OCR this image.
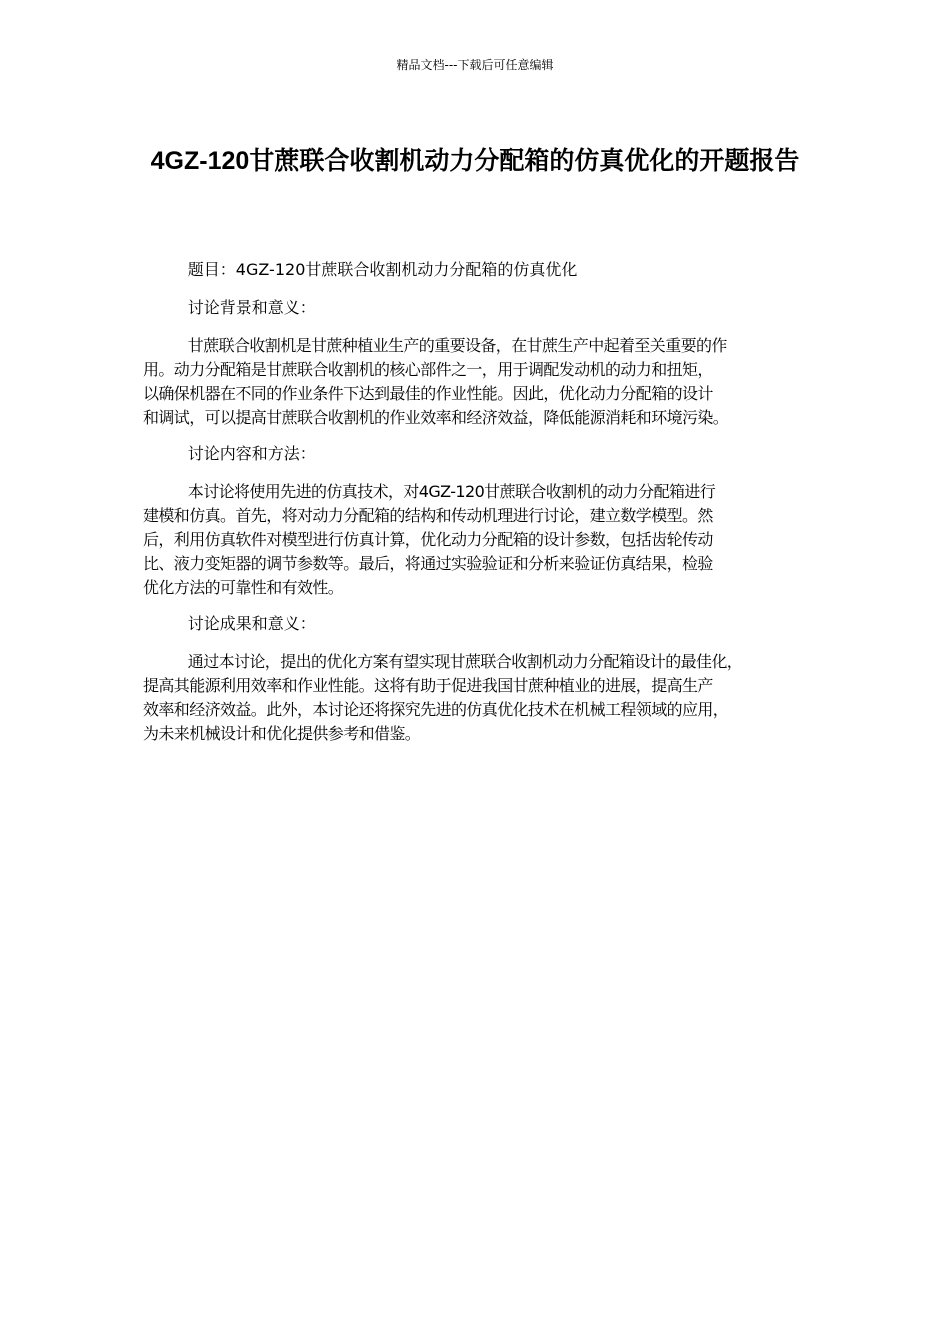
精品文档---下载后可任意编辑
4GZ-120甘蔗联合收割机动力分配箱的仿真优化的开题报告

题目：4GZ-120甘蔗联合收割机动力分配箱的仿真优化

讨论背景和意义：

甘蔗联合收割机是甘蔗种植业生产的重要设备，在甘蔗生产中起着至关重要的作
用。动力分配箱是甘蔗联合收割机的核心部件之一，用于调配发动机的动力和扭矩，
以确保机器在不同的作业条件下达到最佳的作业性能。因此，优化动力分配箱的设计
和调试，可以提高甘蔗联合收割机的作业效率和经济效益，降低能源消耗和环境污染。

讨论内容和方法：

本讨论将使用先进的仿真技术，对4GZ-120甘蔗联合收割机的动力分配箱进行
建模和仿真。首先，将对动力分配箱的结构和传动机理进行讨论，建立数学模型。然
后，利用仿真软件对模型进行仿真计算，优化动力分配箱的设计参数，包括齿轮传动
比、液力变矩器的调节参数等。最后，将通过实验验证和分析来验证仿真结果，检验
优化方法的可靠性和有效性。

讨论成果和意义：

通过本讨论，提出的优化方案有望实现甘蔗联合收割机动力分配箱设计的最佳化，
提高其能源利用效率和作业性能。这将有助于促进我国甘蔗种植业的进展，提高生产
效率和经济效益。此外，本讨论还将探究先进的仿真优化技术在机械工程领域的应用，
为未来机械设计和优化提供参考和借鉴。
